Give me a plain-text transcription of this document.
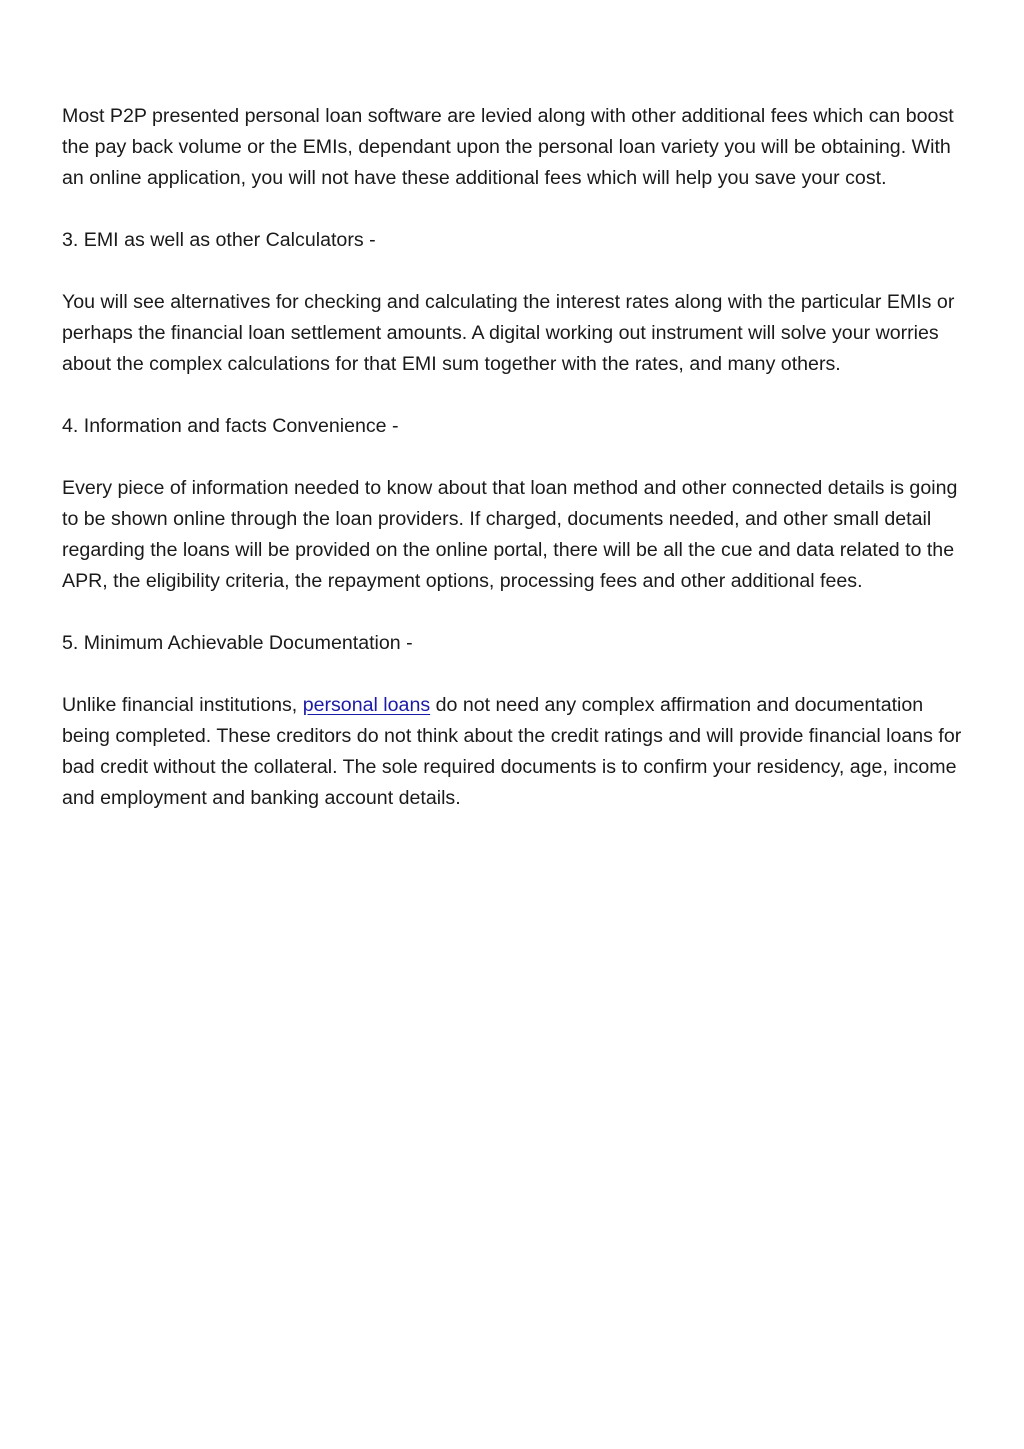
Most P2P presented personal loan software are levied along with other additional fees which can boost the pay back volume or the EMIs, dependant upon the personal loan variety you will be obtaining. With an online application, you will not have these additional fees which will help you save your cost.

3. EMI as well as other Calculators -

You will see alternatives for checking and calculating the interest rates along with the particular EMIs or perhaps the financial loan settlement amounts. A digital working out instrument will solve your worries about the complex calculations for that EMI sum together with the rates, and many others.

4. Information and facts Convenience -

Every piece of information needed to know about that loan method and other connected details is going to be shown online through the loan providers. If charged, documents needed, and other small detail regarding the loans will be provided on the online portal, there will be all the cue and data related to the APR, the eligibility criteria, the repayment options, processing fees and other additional fees.

5. Minimum Achievable Documentation -

Unlike financial institutions, personal loans do not need any complex affirmation and documentation being completed. These creditors do not think about the credit ratings and will provide financial loans for bad credit without the collateral. The sole required documents is to confirm your residency, age, income and employment and banking account details.
